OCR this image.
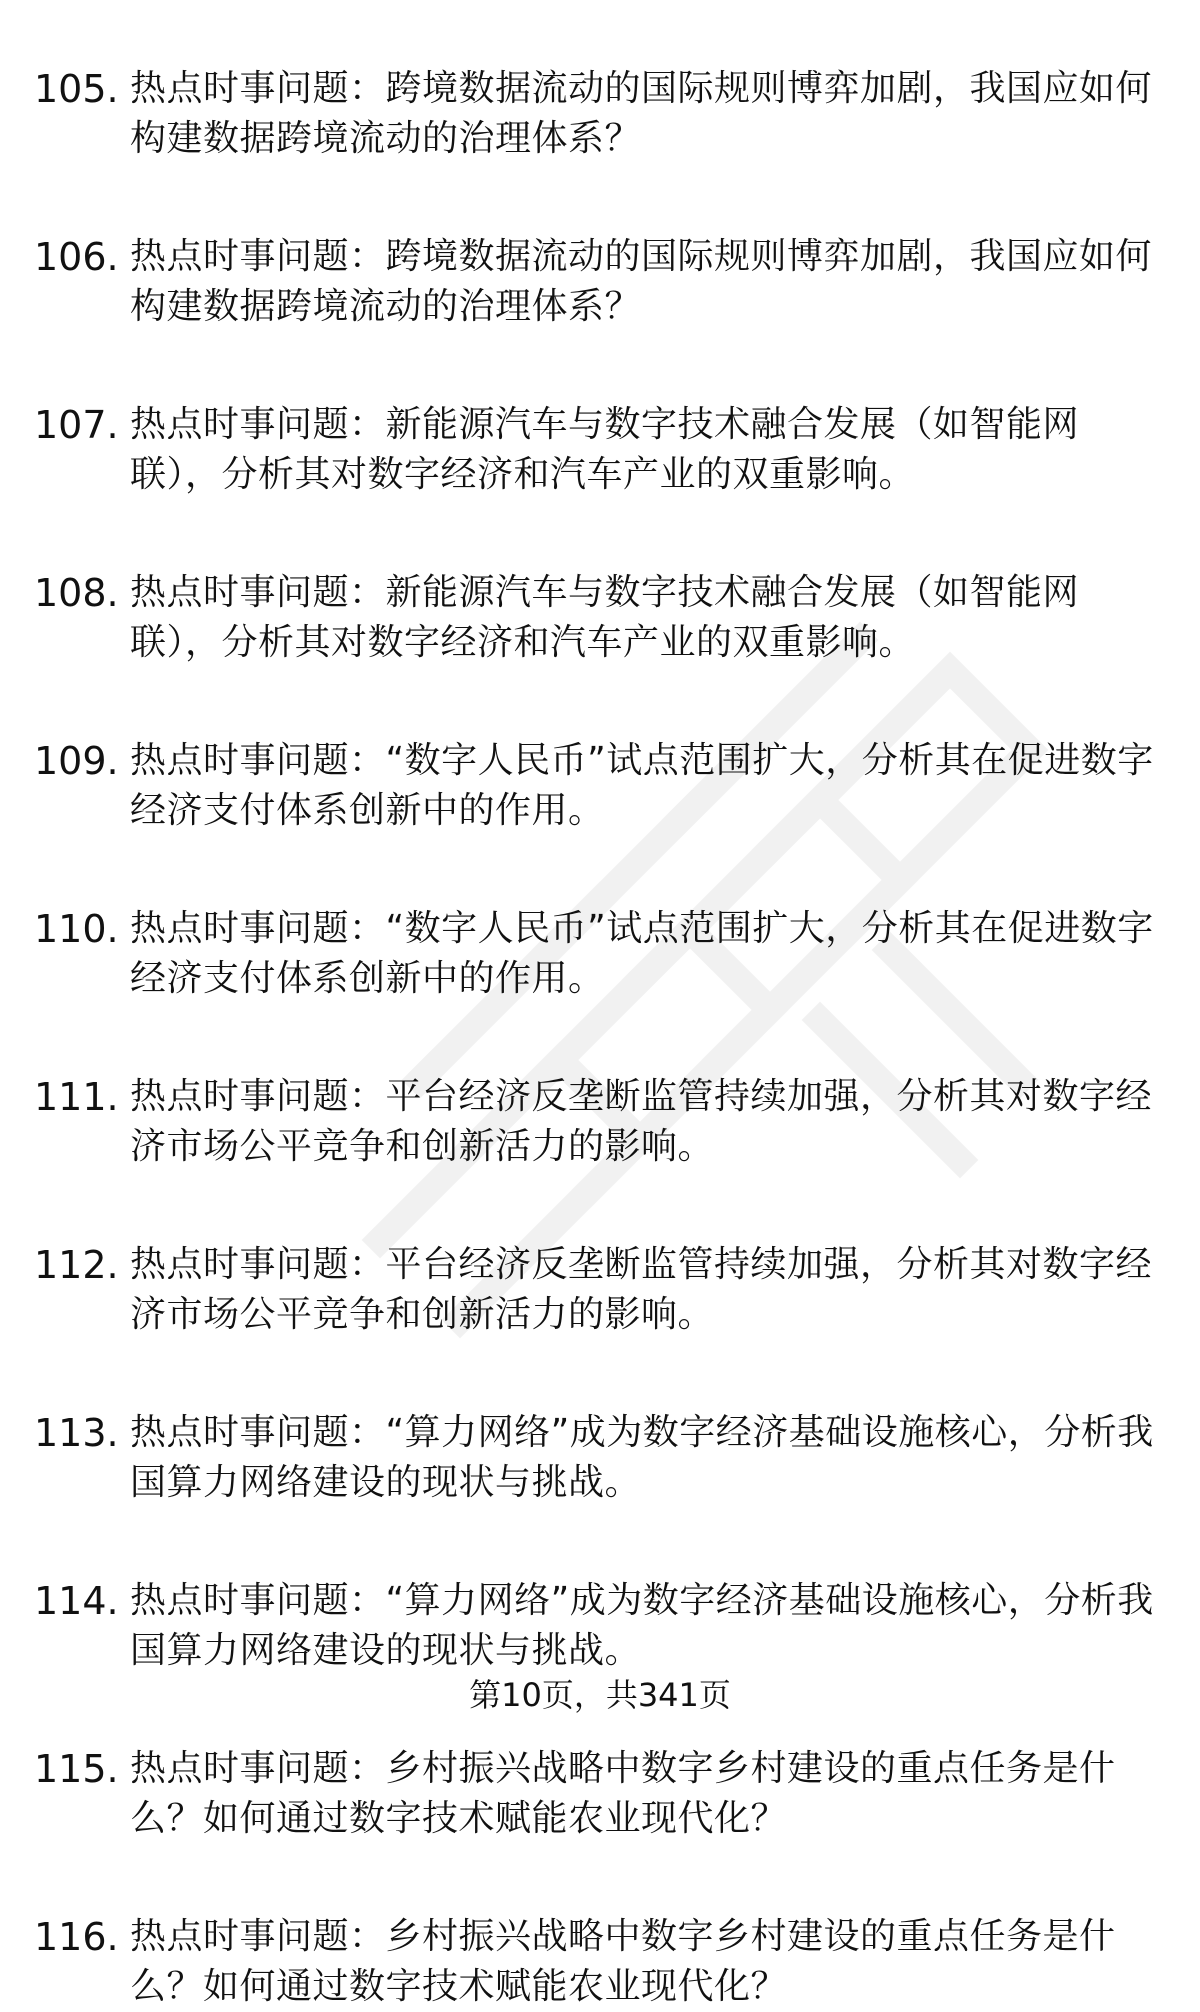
105. 热点时事问题：跨境数据流动的国际规则博弈加剧，我国应如何构建数据跨境流动的治理体系？
106. 热点时事问题：跨境数据流动的国际规则博弈加剧，我国应如何构建数据跨境流动的治理体系？
107. 热点时事问题：新能源汽车与数字技术融合发展（如智能网联），分析其对数字经济和汽车产业的双重影响。
108. 热点时事问题：新能源汽车与数字技术融合发展（如智能网联），分析其对数字经济和汽车产业的双重影响。
109. 热点时事问题：“数字人民币”试点范围扩大，分析其在促进数字经济支付体系创新中的作用。
110. 热点时事问题：“数字人民币”试点范围扩大，分析其在促进数字经济支付体系创新中的作用。
111. 热点时事问题：平台经济反垄断监管持续加强，分析其对数字经济市场公平竞争和创新活力的影响。
112. 热点时事问题：平台经济反垄断监管持续加强，分析其对数字经济市场公平竞争和创新活力的影响。
113. 热点时事问题：“算力网络”成为数字经济基础设施核心，分析我国算力网络建设的现状与挑战。
114. 热点时事问题：“算力网络”成为数字经济基础设施核心，分析我国算力网络建设的现状与挑战。
115. 热点时事问题：乡村振兴战略中数字乡村建设的重点任务是什么？如何通过数字技术赋能农业现代化？
116. 热点时事问题：乡村振兴战略中数字乡村建设的重点任务是什么？如何通过数字技术赋能农业现代化？
第10页，共341页
